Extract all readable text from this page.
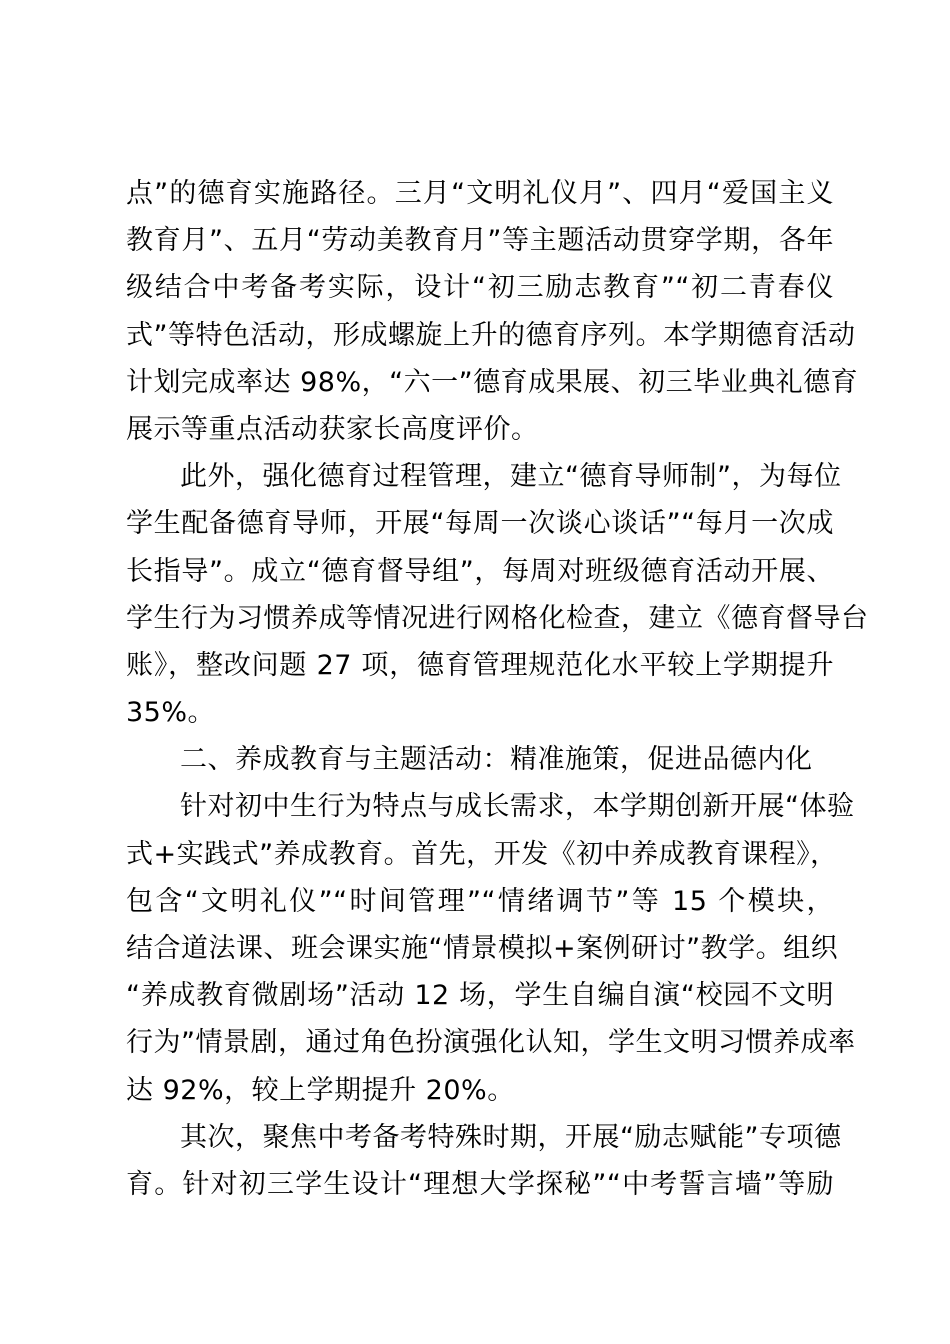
点”的德育实施路径。三月“文明礼仪月”、四月“爱国主义
教育月”、五月“劳动美教育月”等主题活动贯穿学期，各年
级结合中考备考实际，设计“初三励志教育”“初二青春仪
式”等特色活动，形成螺旋上升的德育序列。本学期德育活动
计划完成率达 98%，“六一”德育成果展、初三毕业典礼德育
展示等重点活动获家长高度评价。
此外，强化德育过程管理，建立“德育导师制”，为每位
学生配备德育导师，开展“每周一次谈心谈话”“每月一次成
长指导”。成立“德育督导组”，每周对班级德育活动开展、
学生行为习惯养成等情况进行网格化检查，建立《德育督导台
账》，整改问题 27 项，德育管理规范化水平较上学期提升
35%。
二、养成教育与主题活动：精准施策，促进品德内化
针对初中生行为特点与成长需求，本学期创新开展“体验
式+实践式”养成教育。首先，开发《初中养成教育课程》，
包含“文明礼仪”“时间管理”“情绪调节”等 15 个模块，
结合道法课、班会课实施“情景模拟+案例研讨”教学。组织
“养成教育微剧场”活动 12 场，学生自编自演“校园不文明
行为”情景剧，通过角色扮演强化认知，学生文明习惯养成率
达 92%，较上学期提升 20%。
其次，聚焦中考备考特殊时期，开展“励志赋能”专项德
育。针对初三学生设计“理想大学探秘”“中考誓言墙”等励
